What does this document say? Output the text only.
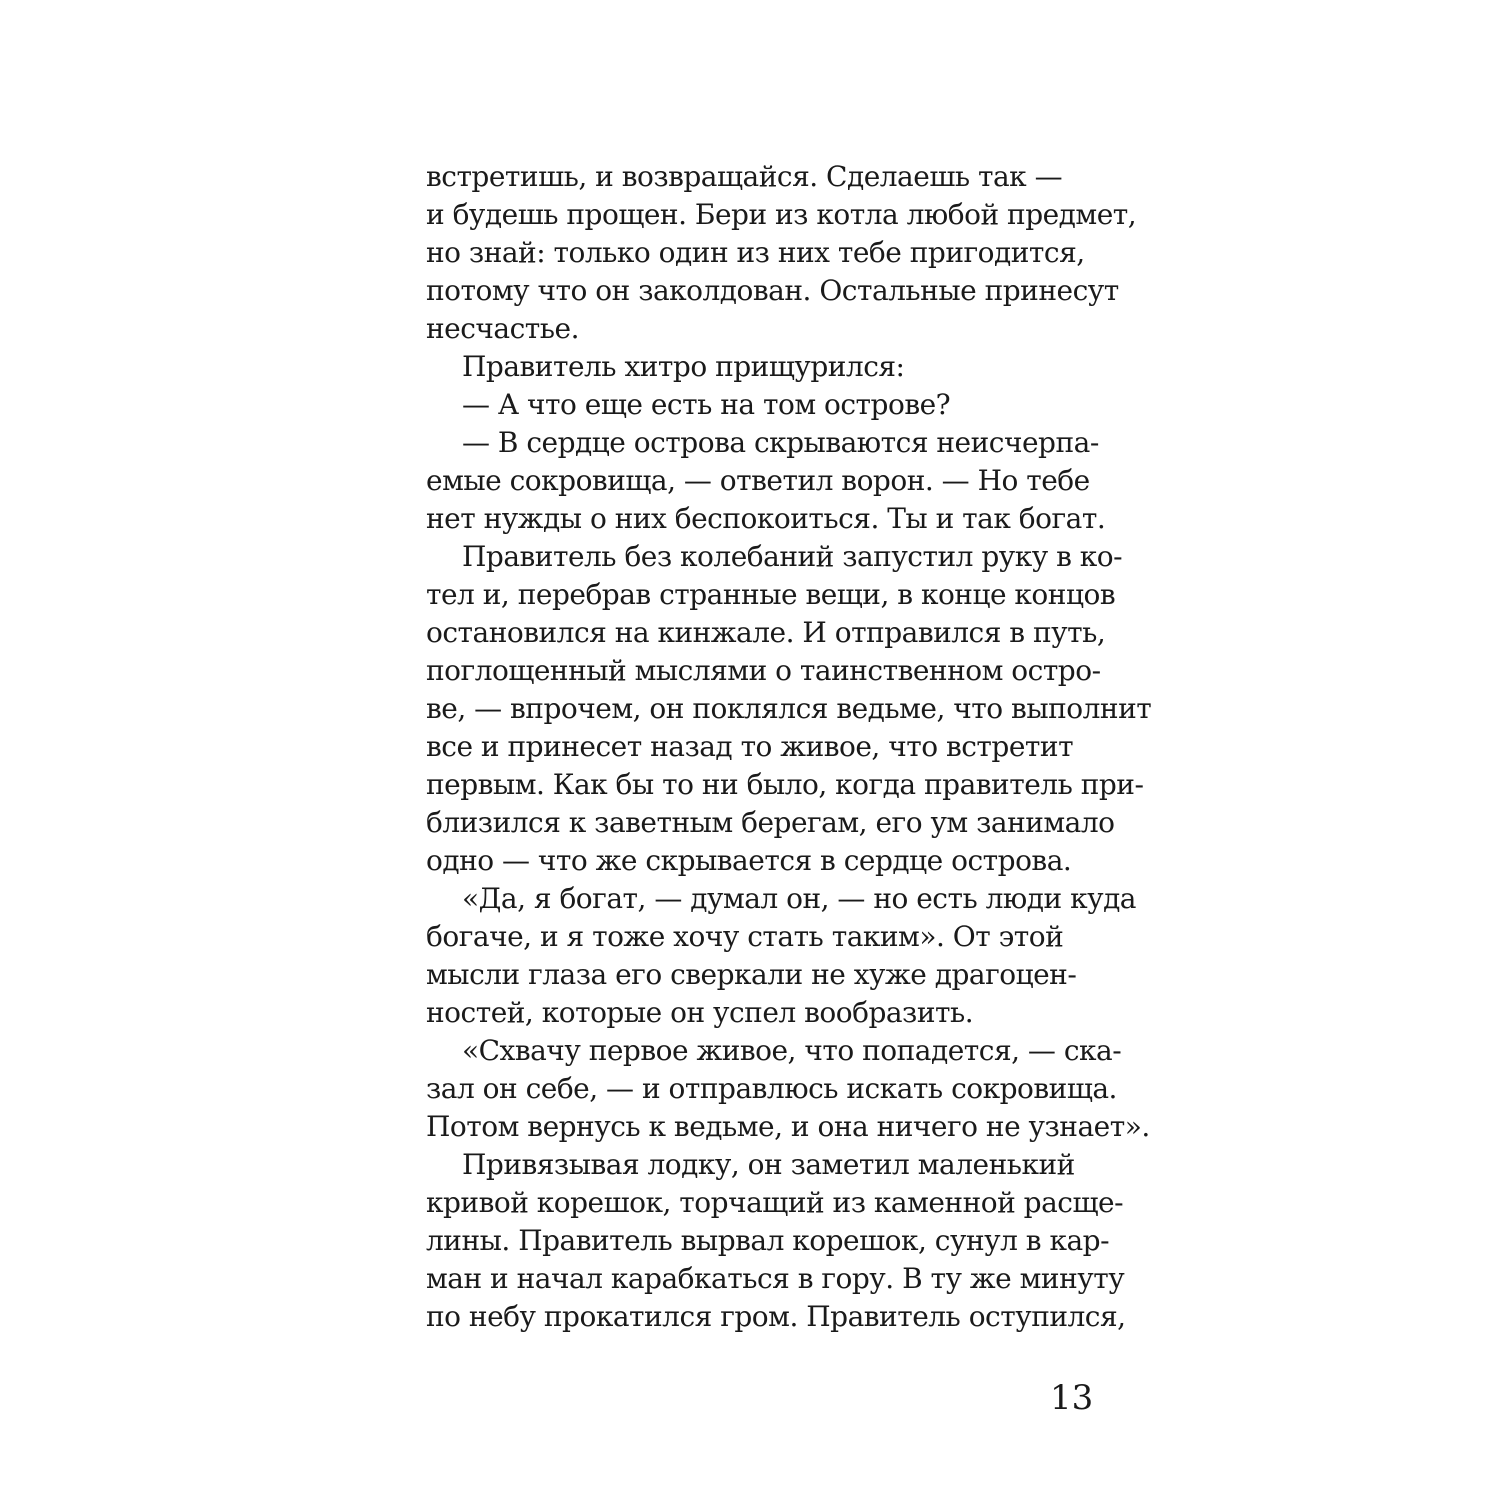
встретишь, и возвращайся. Сделаешь так —
и будешь прощен. Бери из котла любой предмет,
но знай: только один из них тебе пригодится,
потому что он заколдован. Остальные принесут
несчастье.
Правитель хитро прищурился:
— А что еще есть на том острове?
— В сердце острова скрываются неисчерпа-
емые сокровища, — ответил ворон. — Но тебе
нет нужды о них беспокоиться. Ты и так богат.
Правитель без колебаний запустил руку в ко-
тел и, перебрав странные вещи, в конце концов
остановился на кинжале. И отправился в путь,
поглощенный мыслями о таинственном остро-
ве, — впрочем, он поклялся ведьме, что выполнит
все и принесет назад то живое, что встретит
первым. Как бы то ни было, когда правитель при-
близился к заветным берегам, его ум занимало
одно — что же скрывается в сердце острова.
«Да, я богат, — думал он, — но есть люди куда
богаче, и я тоже хочу стать таким». От этой
мысли глаза его сверкали не хуже драгоцен-
ностей, которые он успел вообразить.
«Схвачу первое живое, что попадется, — ска-
зал он себе, — и отправлюсь искать сокровища.
Потом вернусь к ведьме, и она ничего не узнает».
Привязывая лодку, он заметил маленький
кривой корешок, торчащий из каменной расще-
лины. Правитель вырвал корешок, сунул в кар-
ман и начал карабкаться в гору. В ту же минуту
по небу прокатился гром. Правитель оступился,
13
